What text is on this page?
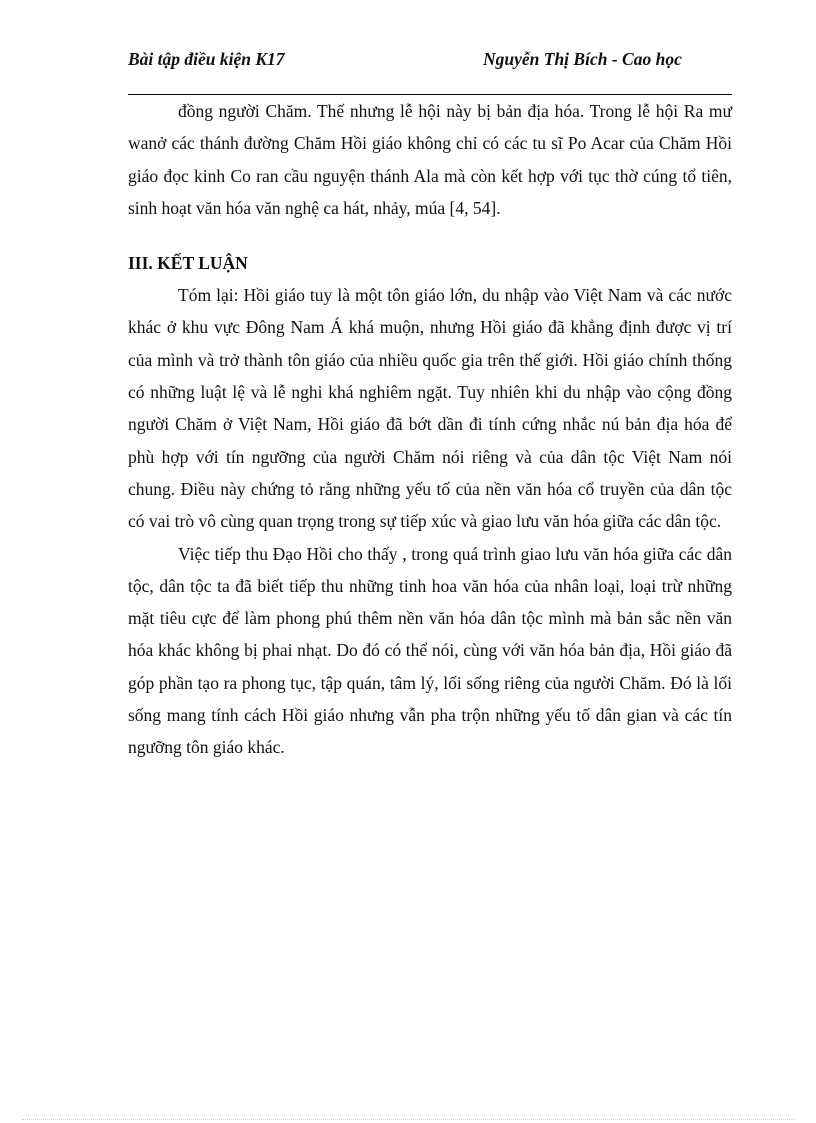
Bài tập điều kiện K17	Nguyễn Thị Bích - Cao học

đồng người Chăm. Thế nhưng lễ hội này bị bản địa hóa. Trong lễ hội Ra mư wanở các thánh đường Chăm Hồi giáo không chỉ có các tu sĩ Po Acar của Chăm Hồi giáo đọc kinh Co ran cầu nguyện thánh Ala mà còn kết hợp với tục thờ cúng tổ tiên, sinh hoạt văn hóa văn nghệ ca hát, nhảy, múa [4, 54].

III. KẾT LUẬN

Tóm lại: Hồi giáo tuy là một tôn giáo lớn, du nhập vào Việt Nam và các nước khác ở khu vực Đông Nam Á khá muộn, nhưng Hồi giáo đã khẳng định được vị trí của mình và trở thành tôn giáo của nhiều quốc gia trên thế giới. Hồi giáo chính thống có những luật lệ và lễ nghi khá nghiêm ngặt. Tuy nhiên khi du nhập vào cộng đồng người Chăm ở Việt Nam, Hồi giáo đã bớt dần đi tính cứng nhắc nú bản địa hóa để phù hợp với tín ngưỡng của người Chăm nói riêng và của dân tộc Việt Nam nói chung. Điều này chứng tỏ rằng những yếu tố của nền văn hóa cổ truyền của dân tộc có vai trò vô cùng quan trọng trong sự tiếp xúc và giao lưu văn hóa giữa các dân tộc.

Việc tiếp thu Đạo Hồi cho thấy , trong quá trình giao lưu văn hóa giữa các dân tộc, dân tộc ta đã biết tiếp thu những tinh hoa văn hóa của nhân loại, loại trừ những mặt tiêu cực để làm phong phú thêm nền văn hóa dân tộc mình mà bản sắc nền văn hóa khác không bị phai nhạt. Do đó có thể nói, cùng với văn hóa bản địa, Hồi giáo đã góp phần tạo ra phong tục, tập quán, tâm lý, lối sống riêng của người Chăm. Đó là lối sống mang tính cách Hồi giáo nhưng vẫn pha trộn những yếu tố dân gian và các tín ngưỡng tôn giáo khác.
